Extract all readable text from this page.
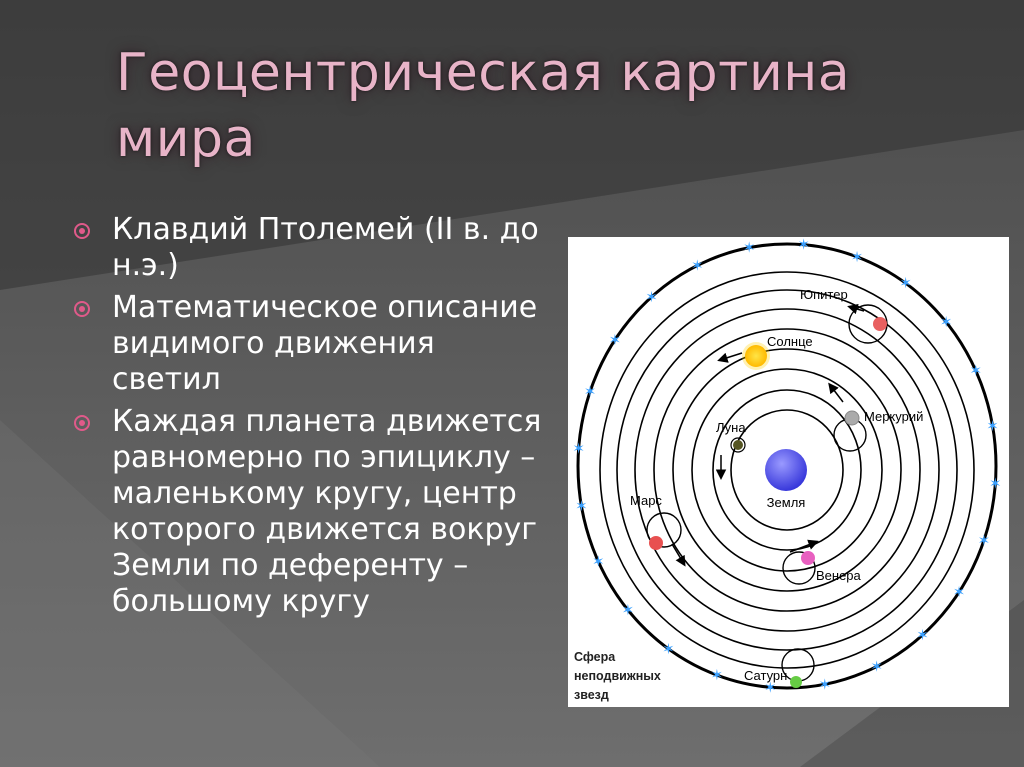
Геоцентрическая картина мира
Клавдий Птолемей (II в. до н.э.)
Математическое описание видимого движения светил
Каждая планета движется равномерно по эпициклу – маленькому кругу, центр которого движется вокруг Земли по деференту – большому кругу
✶
✶
✶
✶
✶
✶
✶
✶
✶
✶
✶
✶
✶
✶
✶
✶
✶
✶	✶
✶
✶
✶
✶
✶
Земля
Луна
Меркурий
Венера
Солнце
Марс
Юпитер
Сатурн
Сфера неподвижных звезд
